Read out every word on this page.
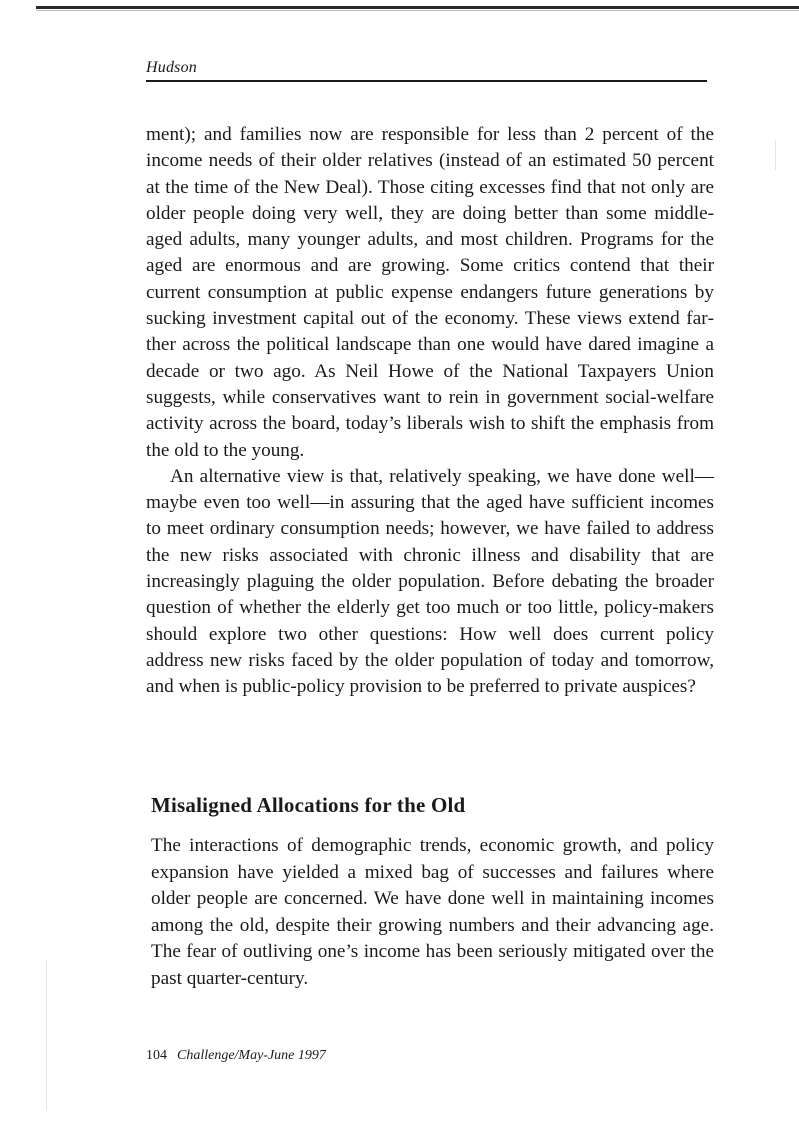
Hudson

ment); and families now are responsible for less than 2 percent of the income needs of their older relatives (instead of an estimated 50 percent at the time of the New Deal). Those citing excesses find that not only are older people doing very well, they are doing better than some middle-aged adults, many younger adults, and most children. Programs for the aged are enormous and are growing. Some critics contend that their current consumption at public expense endangers future generations by sucking investment capital out of the economy. These views extend farther across the political landscape than one would have dared imagine a decade or two ago. As Neil Howe of the National Taxpayers Union suggests, while conservatives want to rein in government social-welfare activity across the board, today’s liberals wish to shift the emphasis from the old to the young.

An alternative view is that, relatively speaking, we have done well—maybe even too well—in assuring that the aged have sufficient incomes to meet ordinary consumption needs; however, we have failed to address the new risks associated with chronic illness and disability that are increasingly plaguing the older population. Before debating the broader question of whether the elderly get too much or too little, policy-makers should explore two other questions: How well does current policy address new risks faced by the older population of today and tomorrow, and when is public-policy provision to be preferred to private auspices?

Misaligned Allocations for the Old

The interactions of demographic trends, economic growth, and policy expansion have yielded a mixed bag of successes and failures where older people are concerned. We have done well in maintaining incomes among the old, despite their growing numbers and their advancing age. The fear of outliving one’s income has been seriously mitigated over the past quarter-century.

104 Challenge/May-June 1997
